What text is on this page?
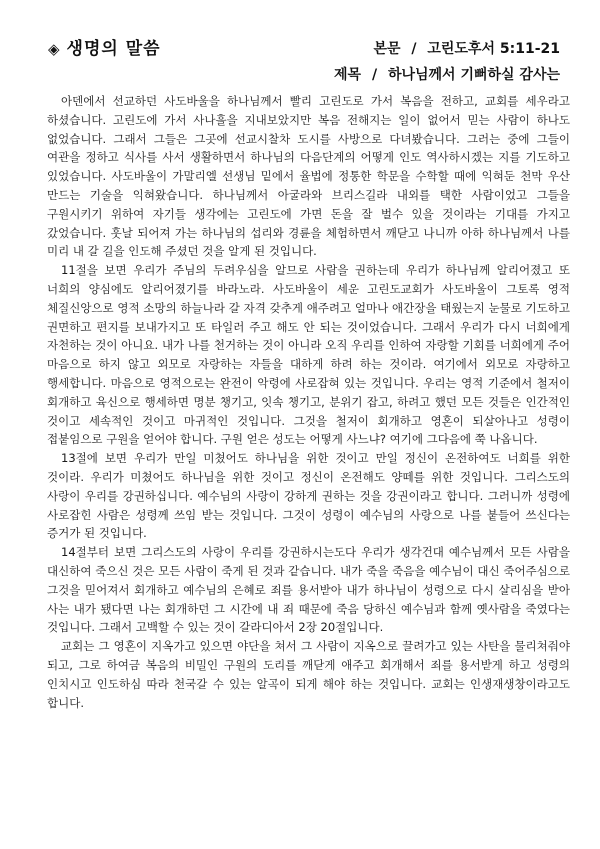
◈ 생명의 말씀	본문 / 고린도후서 5:11-21
제목 / 하나님께서 기뻐하실 감사는

아덴에서 선교하던 사도바울을 하나님께서 빨리 고린도로 가서 복음을 전하고, 교회를 세우라고 하셨습니다. 고린도에 가서 사나흘을 지내보았지만 복음 전해지는 일이 없어서 믿는 사람이 하나도 없었습니다. 그래서 그들은 그곳에 선교시찰차 도시를 사방으로 다녀봤습니다. 그러는 중에 그들이 여관을 정하고 식사를 사서 생활하면서 하나님의 다음단계의 어떻게 인도 역사하시겠는 지를 기도하고 있었습니다. 사도바울이 가말리엘 선생님 밑에서 율법에 정통한 학문을 수학할 때에 익혀둔 천막 우산 만드는 기술을 익혀왔습니다. 하나님께서 아굴라와 브리스길라 내외를 택한 사람이었고 그들을 구원시키기 위하여 자기들 생각에는 고린도에 가면 돈을 잘 벌수 있을 것이라는 기대를 가지고 갔었습니다. 훗날 되어져 가는 하나님의 섭리와 경륜을 체험하면서 깨닫고 나니까 아하 하나님께서 나를 미리 내 갈 길을 인도해 주셨던 것을 알게 된 것입니다.

11절을 보면 우리가 주님의 두려우심을 알므로 사람을 권하는데 우리가 하나님께 알리어졌고 또 너희의 양심에도 알리어졌기를 바라노라. 사도바울이 세운 고린도교회가 사도바울이 그토록 영적 체질신앙으로 영적 소망의 하늘나라 갈 자격 갖추게 애주려고 얼마나 애간장을 태웠는지 눈물로 기도하고 권면하고 편지를 보내가지고 또 타일러 주고 해도 안 되는 것이었습니다. 그래서 우리가 다시 너희에게 자천하는 것이 아니요. 내가 나를 천거하는 것이 아니라 오직 우리를 인하여 자랑할 기회를 너희에게 주어 마음으로 하지 않고 외모로 자랑하는 자들을 대하게 하려 하는 것이라. 여기에서 외모로 자랑하고 행세합니다. 마음으로 영적으로는 완전이 악령에 사로잡혀 있는 것입니다. 우리는 영적 기준에서 철저이 회개하고 육신으로 행세하면 명분 챙기고, 잇속 챙기고, 분위기 잡고, 하려고 했던 모든 것들은 인간적인 것이고 세속적인 것이고 마귀적인 것입니다. 그것을 철저이 회개하고 영혼이 되살아나고 성령이 접붙임으로 구원을 얻어야 합니다. 구원 얻은 성도는 어떻게 사느냐? 여기에 그다음에 쭉 나옵니다.

13절에 보면 우리가 만일 미쳤어도 하나님을 위한 것이고 만일 정신이 온전하여도 너희를 위한 것이라. 우리가 미쳤어도 하나님을 위한 것이고 정신이 온전해도 양떼를 위한 것입니다. 그리스도의 사랑이 우리를 강권하십니다. 예수님의 사랑이 강하게 권하는 것을 강권이라고 합니다. 그러니까 성령에 사로잡힌 사람은 성령께 쓰임 받는 것입니다. 그것이 성령이 예수님의 사랑으로 나를 붙들어 쓰신다는 증거가 된 것입니다.

14절부터 보면 그리스도의 사랑이 우리를 강권하시는도다 우리가 생각건대 예수님께서 모든 사람을 대신하여 죽으신 것은 모든 사람이 죽게 된 것과 같습니다. 내가 죽을 죽음을 예수님이 대신 죽어주심으로 그것을 믿어져서 회개하고 예수님의 은혜로 죄를 용서받아 내가 하나님이 성령으로 다시 살리심을 받아 사는 내가 됐다면 나는 회개하던 그 시간에 내 죄 때문에 죽음 당하신 예수님과 함께 옛사람을 죽였다는 것입니다. 그래서 고백할 수 있는 것이 갈라디아서 2장 20절입니다.

교회는 그 영혼이 지옥가고 있으면 야단을 쳐서 그 사람이 지옥으로 끌려가고 있는 사탄을 물리쳐줘야 되고, 그로 하여금 복음의 비밀인 구원의 도리를 깨닫게 애주고 회개해서 죄를 용서받게 하고 성령의 인치시고 인도하심 따라 천국갈 수 있는 알곡이 되게 해야 하는 것입니다. 교회는 인생재생창이라고도 합니다.
